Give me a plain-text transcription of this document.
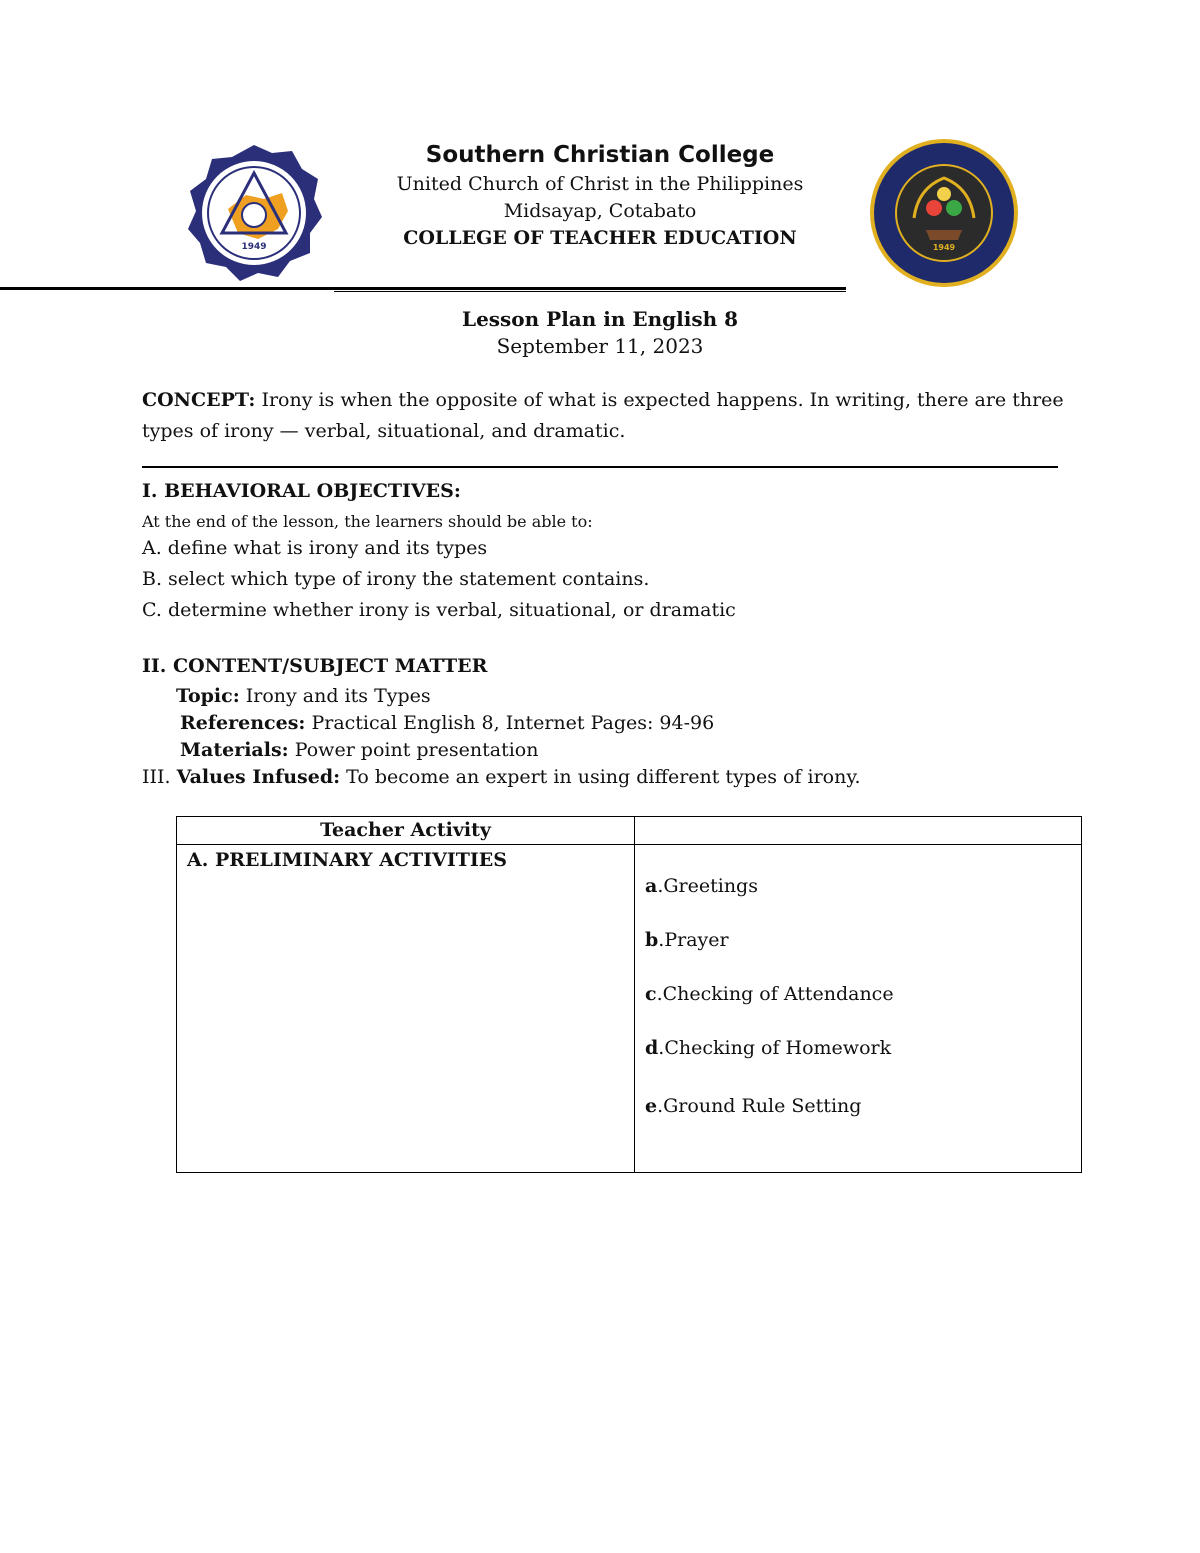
1949	1949
Southern Christian College
United Church of Christ in the Philippines
Midsayap, Cotabato
COLLEGE OF TEACHER EDUCATION
Lesson Plan in English 8
September 11, 2023
CONCEPT: Irony is when the opposite of what is expected happens. In writing, there are three
types of irony — verbal, situational, and dramatic.
I. BEHAVIORAL OBJECTIVES:
At the end of the lesson, the learners should be able to:
A. define what is irony and its types
B. select which type of irony the statement contains.
C. determine whether irony is verbal, situational, or dramatic
II. CONTENT/SUBJECT MATTER
Topic: Irony and its Types
References: Practical English 8, Internet Pages: 94-96
Materials: Power point presentation
III. Values Infused: To become an expert in using different types of irony.
Teacher Activity	
A. PRELIMINARY ACTIVITIES	a.Greetings
b.Prayer
c.Checking of Attendance
d.Checking of Homework
e.Ground Rule Setting
